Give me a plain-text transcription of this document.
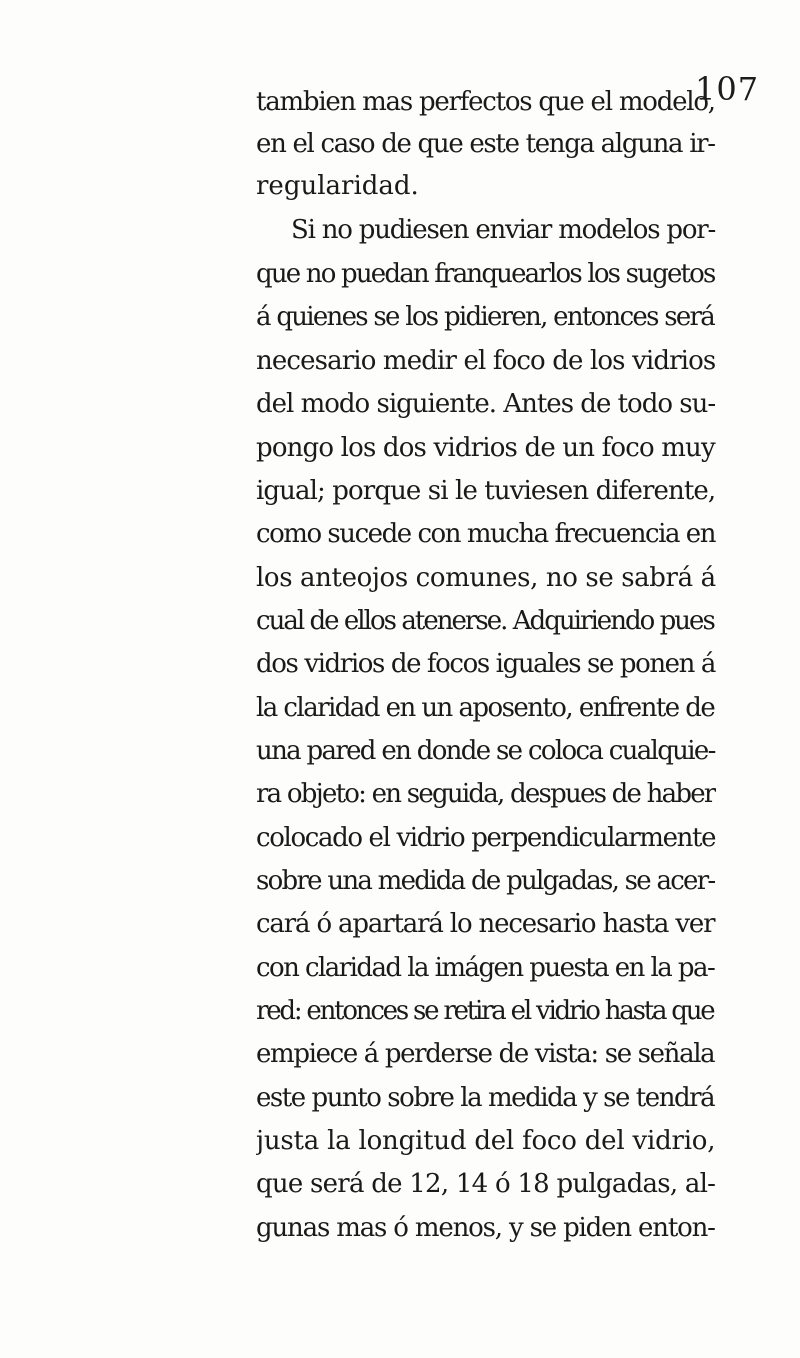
107
tambien mas perfectos que el modelo,
en el caso de que este tenga alguna ir-
regularidad.
Si no pudiesen enviar modelos por-
que no puedan franquearlos los sugetos
á quienes se los pidieren, entonces será
necesario medir el foco de los vidrios
del modo siguiente. Antes de todo su-
pongo los dos vidrios de un foco muy
igual; porque si le tuviesen diferente,
como sucede con mucha frecuencia en
los anteojos comunes, no se sabrá á
cual de ellos atenerse. Adquiriendo pues
dos vidrios de focos iguales se ponen á
la claridad en un aposento, enfrente de
una pared en donde se coloca cualquie-
ra objeto: en seguida, despues de haber
colocado el vidrio perpendicularmente
sobre una medida de pulgadas, se acer-
cará ó apartará lo necesario hasta ver
con claridad la imágen puesta en la pa-
red: entonces se retira el vidrio hasta que
empiece á perderse de vista: se señala
este punto sobre la medida y se tendrá
justa la longitud del foco del vidrio,
que será de 12, 14 ó 18 pulgadas, al-
gunas mas ó menos, y se piden enton-
